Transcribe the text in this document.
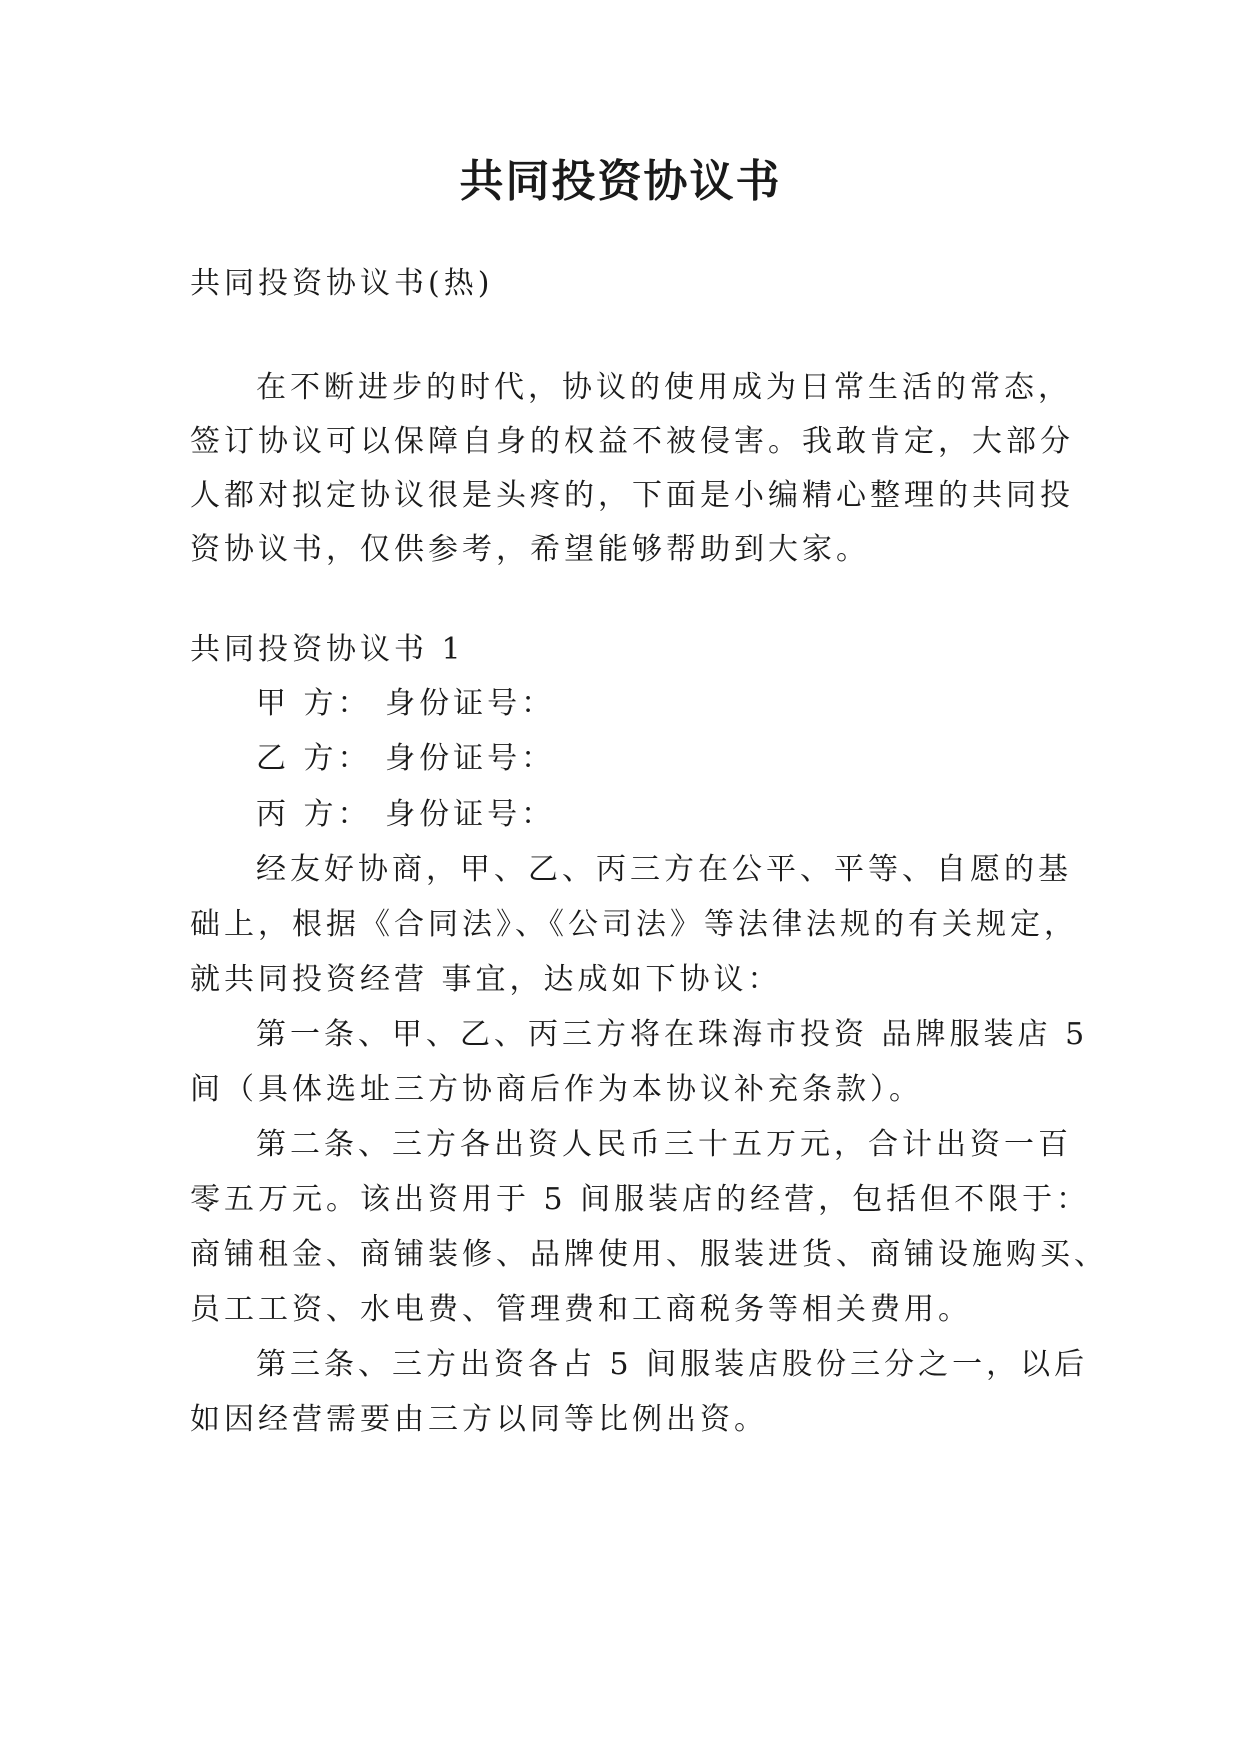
共同投资协议书
共同投资协议书(热)
在不断进步的时代，协议的使用成为日常生活的常态，
签订协议可以保障自身的权益不被侵害。我敢肯定，大部分
人都对拟定协议很是头疼的，下面是小编精心整理的共同投
资协议书，仅供参考，希望能够帮助到大家。
共同投资协议书 1
甲 方： 身份证号：
乙 方： 身份证号：
丙 方： 身份证号：
经友好协商，甲、乙、丙三方在公平、平等、自愿的基
础上，根据《合同法》、《公司法》等法律法规的有关规定，
就共同投资经营 事宜，达成如下协议：
第一条、甲、乙、丙三方将在珠海市投资 品牌服装店 5
间（具体选址三方协商后作为本协议补充条款）。
第二条、三方各出资人民币三十五万元，合计出资一百
零五万元。该出资用于 5 间服装店的经营，包括但不限于：
商铺租金、商铺装修、品牌使用、服装进货、商铺设施购买、
员工工资、水电费、管理费和工商税务等相关费用。
第三条、三方出资各占 5 间服装店股份三分之一，以后
如因经营需要由三方以同等比例出资。
